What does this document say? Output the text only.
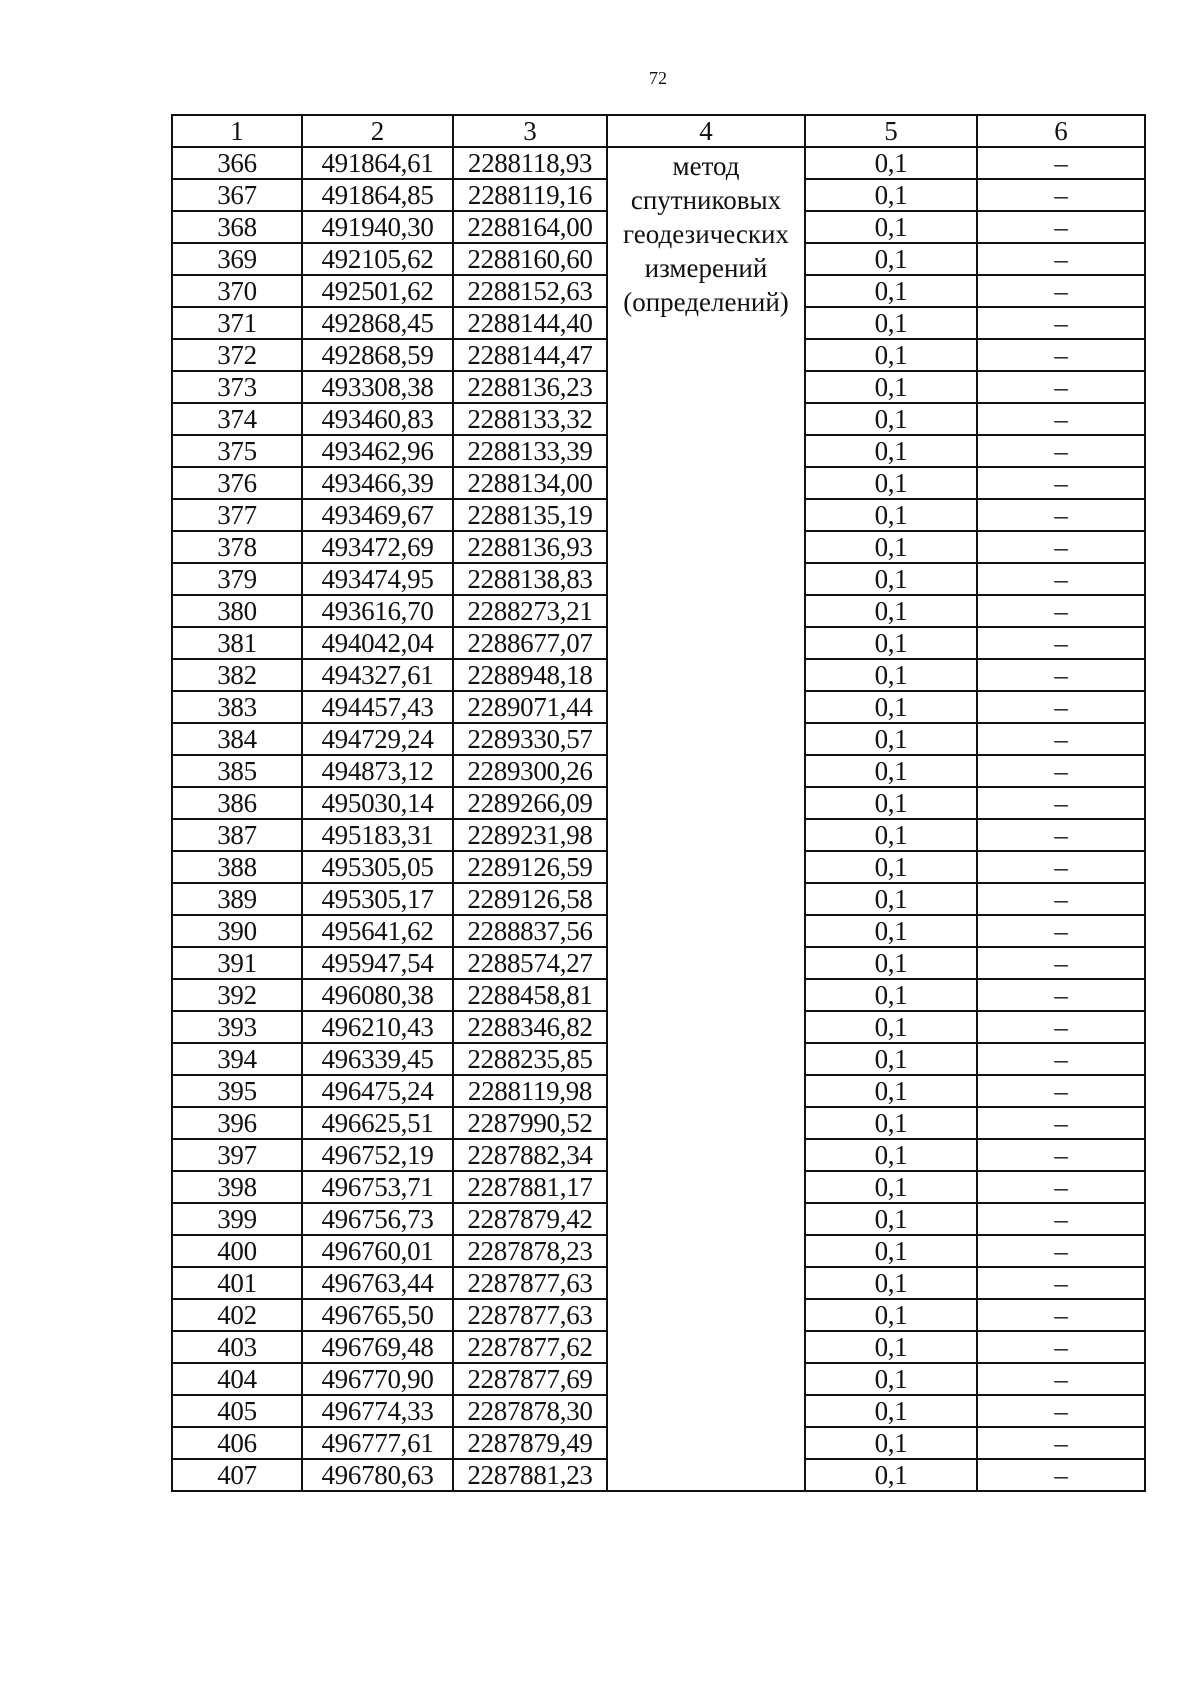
72
1	2	3	4	5	6
366	491864,61	2288118,93	метод
спутниковых
геодезических
измерений
(определений)	0,1	–
367	491864,85	2288119,16		0,1	–
368	491940,30	2288164,00		0,1	–
369	492105,62	2288160,60		0,1	–
370	492501,62	2288152,63		0,1	–
371	492868,45	2288144,40		0,1	–
372	492868,59	2288144,47		0,1	–
373	493308,38	2288136,23		0,1	–
374	493460,83	2288133,32		0,1	–
375	493462,96	2288133,39		0,1	–
376	493466,39	2288134,00		0,1	–
377	493469,67	2288135,19		0,1	–
378	493472,69	2288136,93		0,1	–
379	493474,95	2288138,83		0,1	–
380	493616,70	2288273,21		0,1	–
381	494042,04	2288677,07		0,1	–
382	494327,61	2288948,18		0,1	–
383	494457,43	2289071,44		0,1	–
384	494729,24	2289330,57		0,1	–
385	494873,12	2289300,26		0,1	–
386	495030,14	2289266,09		0,1	–
387	495183,31	2289231,98		0,1	–
388	495305,05	2289126,59		0,1	–
389	495305,17	2289126,58		0,1	–
390	495641,62	2288837,56		0,1	–
391	495947,54	2288574,27		0,1	–
392	496080,38	2288458,81		0,1	–
393	496210,43	2288346,82		0,1	–
394	496339,45	2288235,85		0,1	–
395	496475,24	2288119,98		0,1	–
396	496625,51	2287990,52		0,1	–
397	496752,19	2287882,34		0,1	–
398	496753,71	2287881,17		0,1	–
399	496756,73	2287879,42		0,1	–
400	496760,01	2287878,23		0,1	–
401	496763,44	2287877,63		0,1	–
402	496765,50	2287877,63		0,1	–
403	496769,48	2287877,62		0,1	–
404	496770,90	2287877,69		0,1	–
405	496774,33	2287878,30		0,1	–
406	496777,61	2287879,49		0,1	–
407	496780,63	2287881,23		0,1	–
